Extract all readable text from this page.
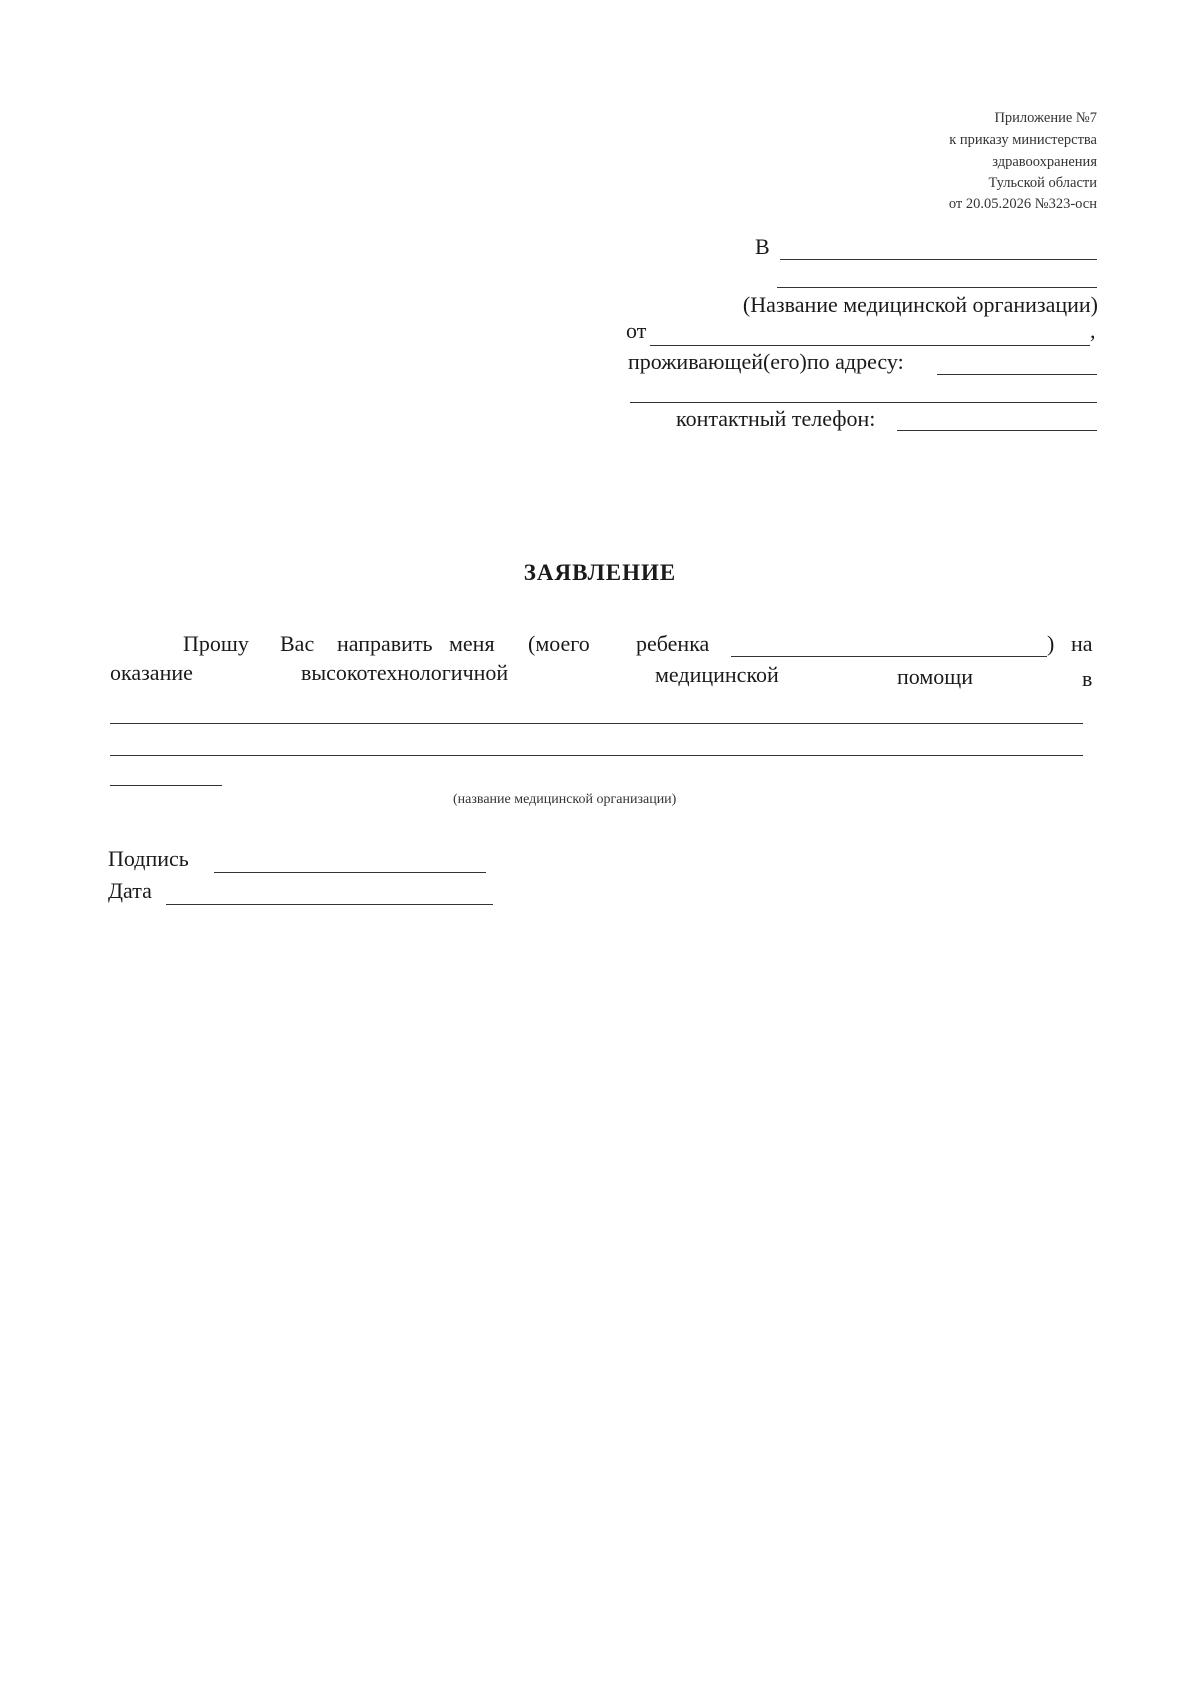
Приложение №7
к приказу министерства
здравоохранения
Тульской области
от 20.05.2026 №323-осн
В
(Название медицинской организации)
от	,
проживающей(его)по адресу:
контактный телефон:
ЗАЯВЛЕНИЕ
Прошу Вас направить меня (моего ребенка	) на
оказание	высокотехнологичной	медицинской	помощи	в
(название медицинской организации)
Подпись
Дата
